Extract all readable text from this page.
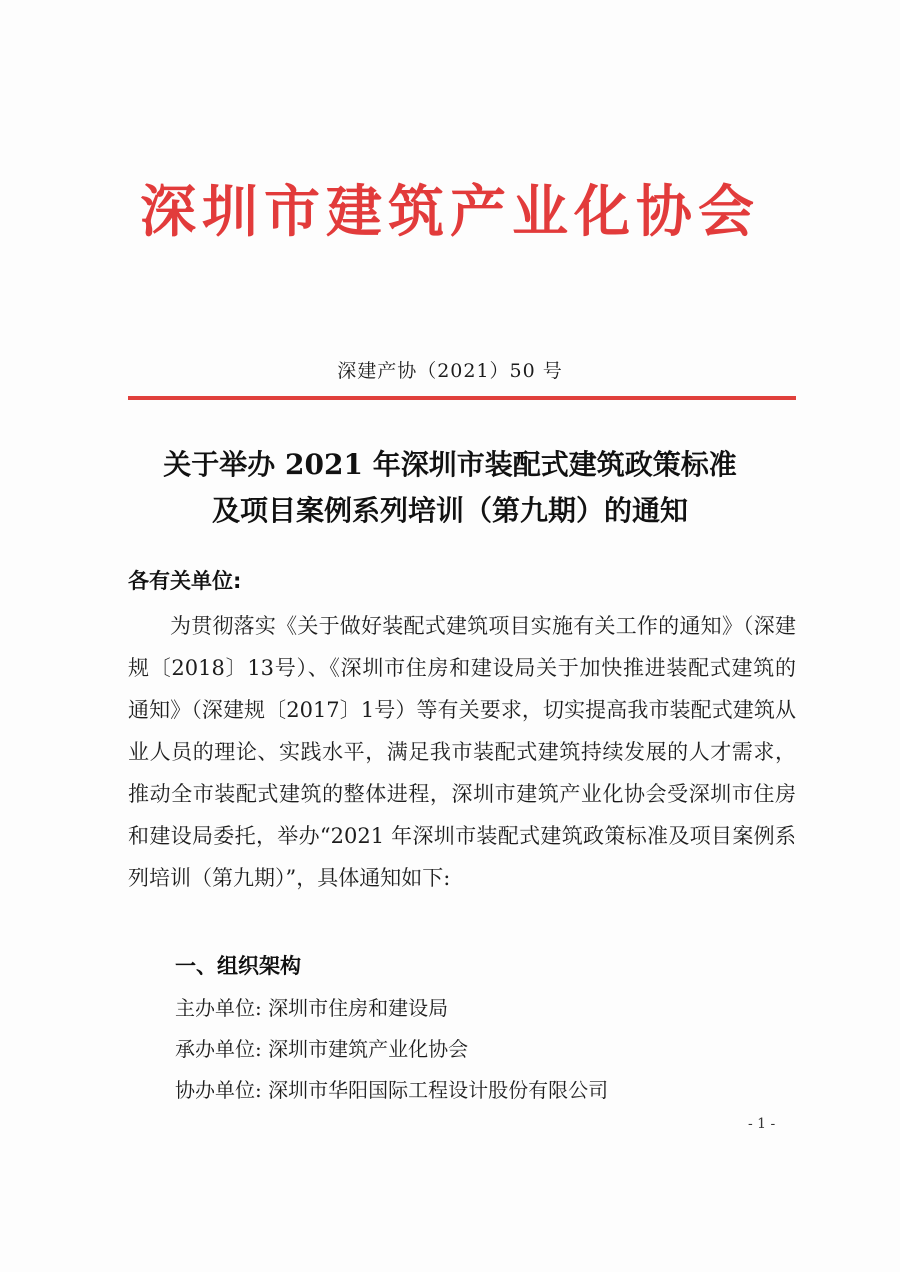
深圳市建筑产业化协会
深建产协（2021）50 号
关于举办 2021 年深圳市装配式建筑政策标准
及项目案例系列培训（第九期）的通知
各有关单位:

为贯彻落实《关于做好装配式建筑项目实施有关工作的通知》（深建规〔2018〕13号）、《深圳市住房和建设局关于加快推进装配式建筑的通知》（深建规〔2017〕1号）等有关要求，切实提高我市装配式建筑从业人员的理论、实践水平，满足我市装配式建筑持续发展的人才需求，推动全市装配式建筑的整体进程，深圳市建筑产业化协会受深圳市住房和建设局委托，举办“2021 年深圳市装配式建筑政策标准及项目案例系列培训（第九期）”，具体通知如下:

一、组织架构
主办单位: 深圳市住房和建设局
承办单位: 深圳市建筑产业化协会
协办单位: 深圳市华阳国际工程设计股份有限公司
- 1 -
